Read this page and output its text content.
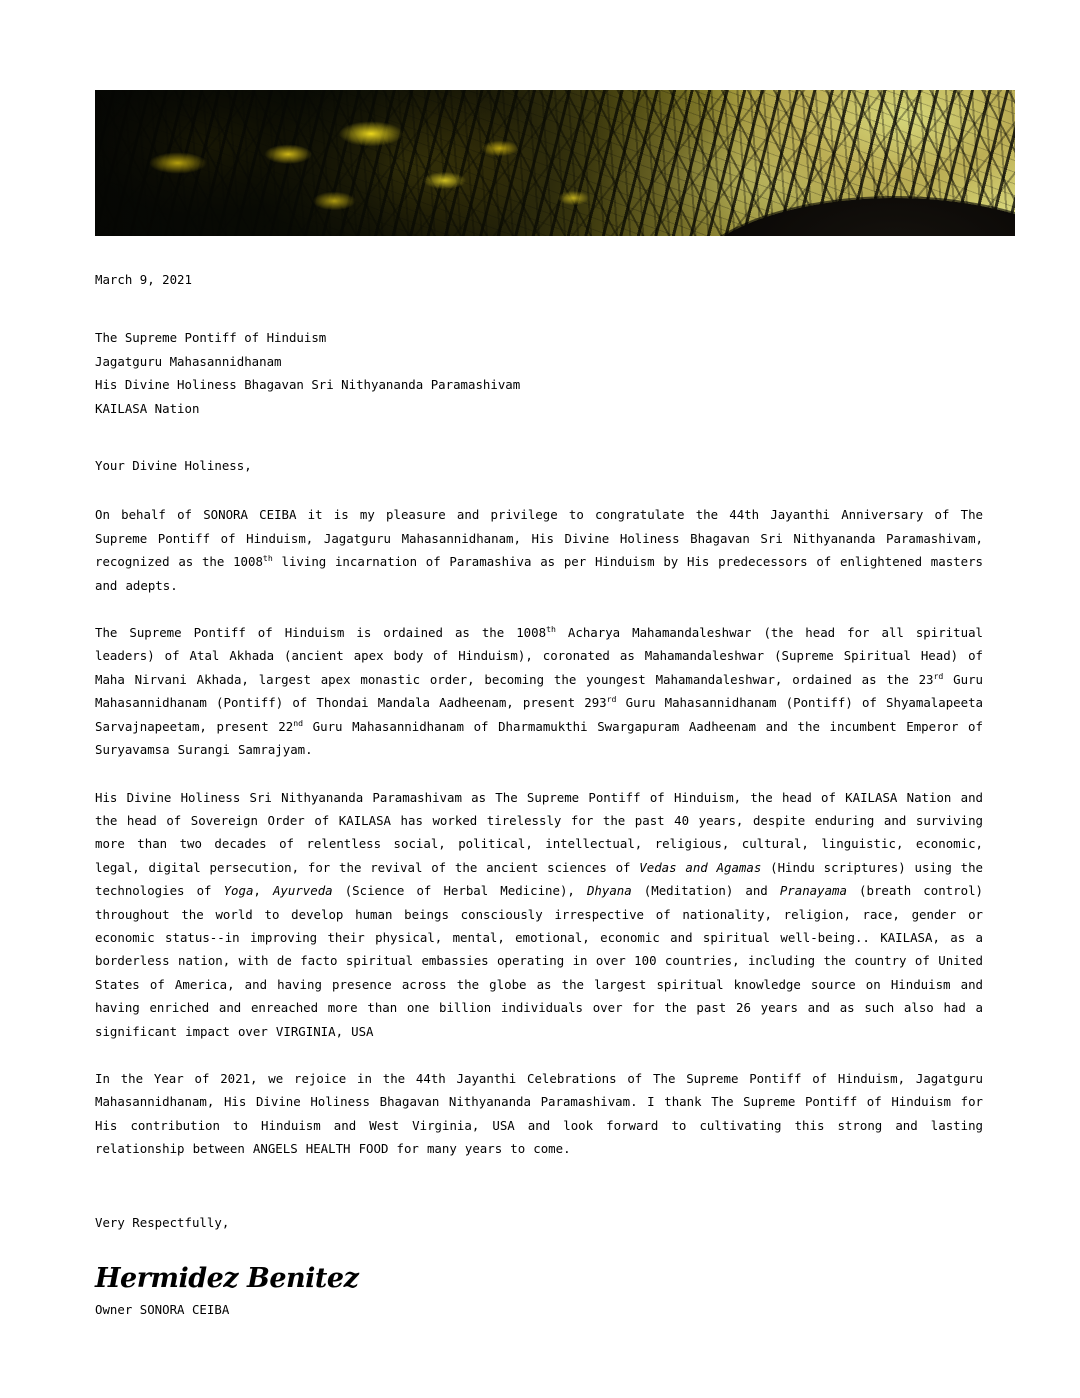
March 9, 2021
The Supreme Pontiff of Hinduism
Jagatguru Mahasannidhanam
His Divine Holiness Bhagavan Sri Nithyananda Paramashivam
KAILASA Nation
Your Divine Holiness,

On behalf of SONORA CEIBA it is my pleasure and privilege to congratulate the 44th Jayanthi Anniversary of The Supreme Pontiff of Hinduism, Jagatguru Mahasannidhanam, His Divine Holiness Bhagavan Sri Nithyananda Paramashivam, recognized as the 1008th living incarnation of Paramashiva as per Hinduism by His predecessors of enlightened masters and adepts.

The Supreme Pontiff of Hinduism is ordained as the 1008th Acharya Mahamandaleshwar (the head for all spiritual leaders) of Atal Akhada (ancient apex body of Hinduism), coronated as Mahamandaleshwar (Supreme Spiritual Head) of Maha Nirvani Akhada, largest apex monastic order, becoming the youngest Mahamandaleshwar, ordained as the 23rd Guru Mahasannidhanam (Pontiff) of Thondai Mandala Aadheenam, present 293rd Guru Mahasannidhanam (Pontiff) of Shyamalapeeta Sarvajnapeetam, present 22nd Guru Mahasannidhanam of Dharmamukthi Swargapuram Aadheenam and the incumbent Emperor of Suryavamsa Surangi Samrajyam.

His Divine Holiness Sri Nithyananda Paramashivam as The Supreme Pontiff of Hinduism, the head of KAILASA Nation and the head of Sovereign Order of KAILASA has worked tirelessly for the past 40 years, despite enduring and surviving more than two decades of relentless social, political, intellectual, religious, cultural, linguistic, economic, legal, digital persecution, for the revival of the ancient sciences of Vedas and Agamas (Hindu scriptures) using the technologies of Yoga, Ayurveda (Science of Herbal Medicine), Dhyana (Meditation) and Pranayama (breath control) throughout the world to develop human beings consciously irrespective of nationality, religion, race, gender or economic status--in improving their physical, mental, emotional, economic and spiritual well-being.. KAILASA, as a borderless nation, with de facto spiritual embassies operating in over 100 countries, including the country of United States of America, and having presence across the globe as the largest spiritual knowledge source on Hinduism and having enriched and enreached more than one billion individuals over for the past 26 years and as such also had a significant impact over VIRGINIA, USA

In the Year of 2021, we rejoice in the 44th Jayanthi Celebrations of The Supreme Pontiff of Hinduism, Jagatguru Mahasannidhanam, His Divine Holiness Bhagavan Nithyananda Paramashivam. I thank The Supreme Pontiff of Hinduism for His contribution to Hinduism and West Virginia, USA and look forward to cultivating this strong and lasting relationship between ANGELS HEALTH FOOD for many years to come.

Very Respectfully,
Hermidez Benitez
Owner SONORA CEIBA
